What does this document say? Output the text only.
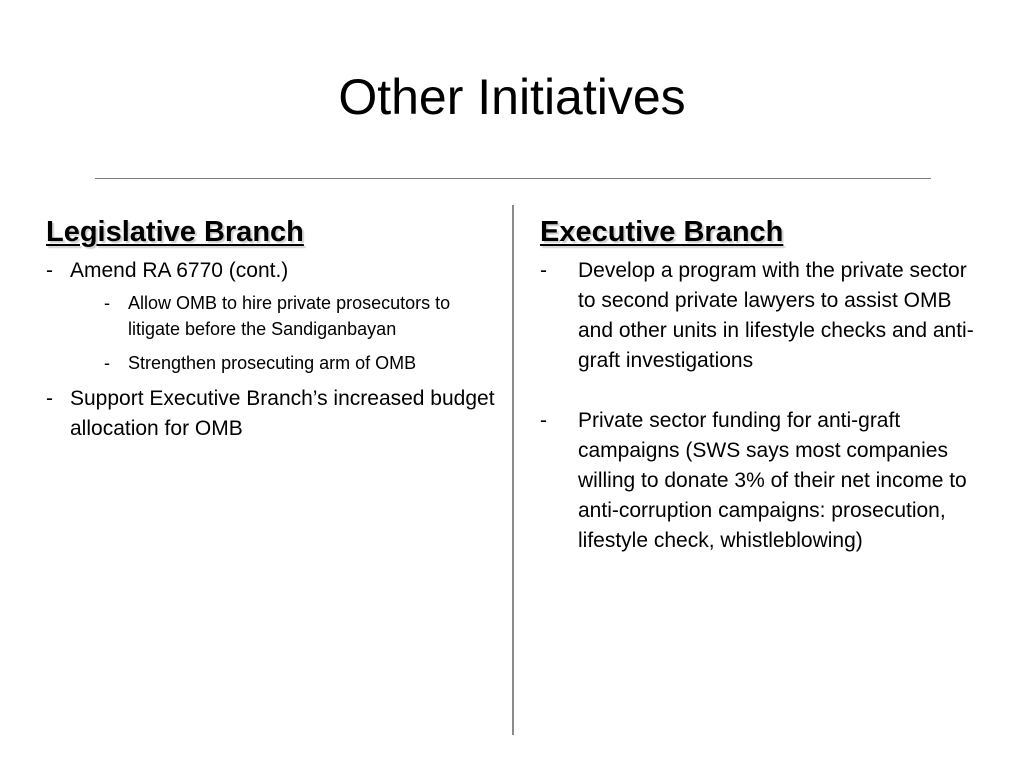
Other Initiatives
Legislative Branch
- Amend RA 6770 (cont.)
- Allow OMB to hire private prosecutors to litigate before the Sandiganbayan
- Strengthen prosecuting arm of OMB
- Support Executive Branch’s increased budget allocation for OMB
Executive Branch
- Develop a program with the private sector to second private lawyers to assist OMB and other units in lifestyle checks and anti-graft investigations
- Private sector funding for anti-graft campaigns (SWS says most companies willing to donate 3% of their net income to anti-corruption campaigns: prosecution, lifestyle check, whistleblowing)
